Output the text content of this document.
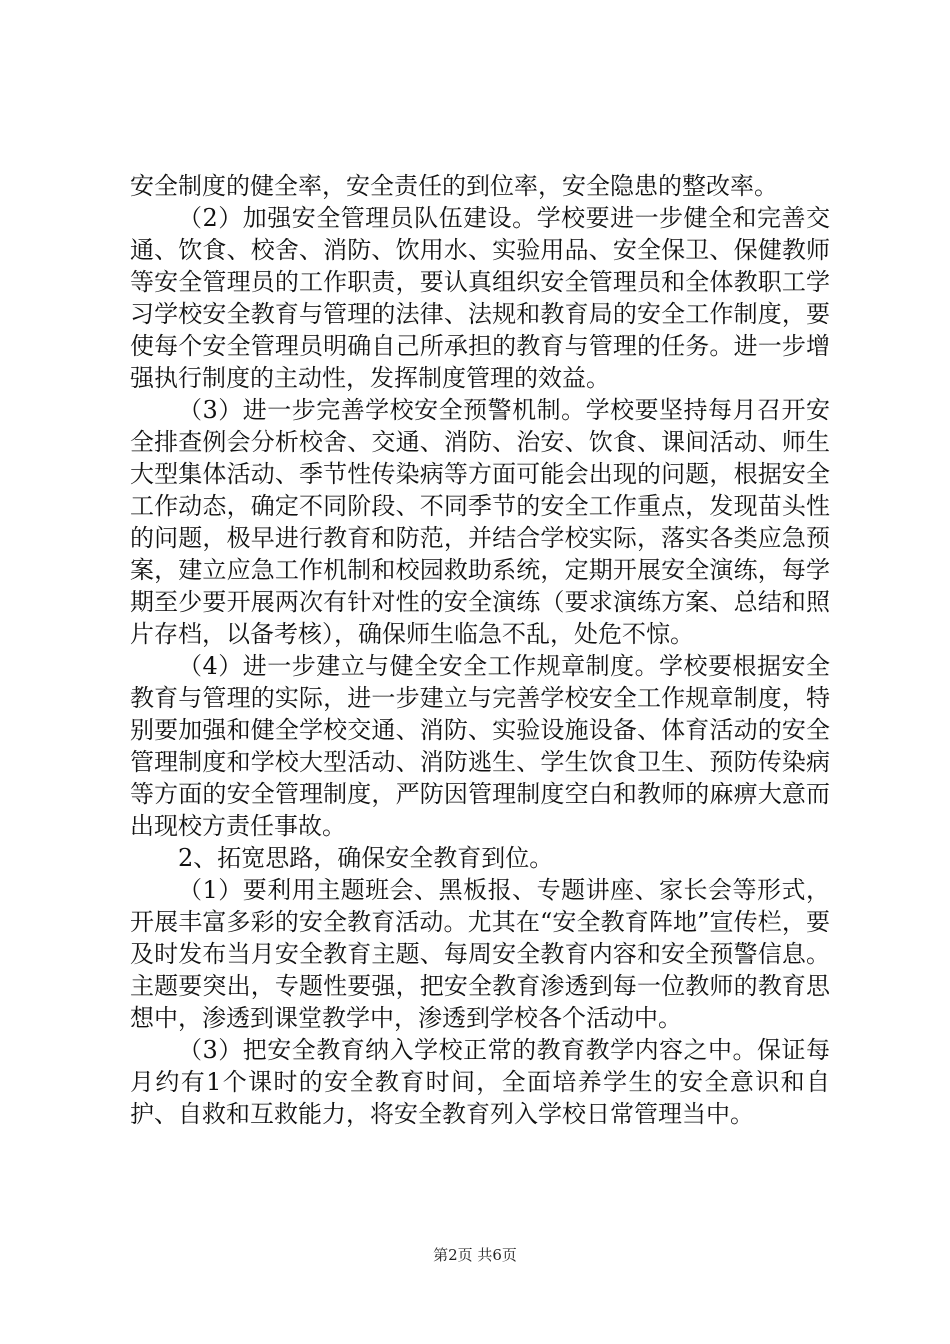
安全制度的健全率，安全责任的到位率，安全隐患的整改率。

（2）加强安全管理员队伍建设。学校要进一步健全和完善交通、饮食、校舍、消防、饮用水、实验用品、安全保卫、保健教师等安全管理员的工作职责，要认真组织安全管理员和全体教职工学习学校安全教育与管理的法律、法规和教育局的安全工作制度，要使每个安全管理员明确自己所承担的教育与管理的任务。进一步增强执行制度的主动性，发挥制度管理的效益。

（3）进一步完善学校安全预警机制。学校要坚持每月召开安全排查例会分析校舍、交通、消防、治安、饮食、课间活动、师生大型集体活动、季节性传染病等方面可能会出现的问题，根据安全工作动态，确定不同阶段、不同季节的安全工作重点，发现苗头性的问题，极早进行教育和防范，并结合学校实际，落实各类应急预案，建立应急工作机制和校园救助系统，定期开展安全演练，每学期至少要开展两次有针对性的安全演练（要求演练方案、总结和照片存档，以备考核），确保师生临急不乱，处危不惊。

（4）进一步建立与健全安全工作规章制度。学校要根据安全教育与管理的实际，进一步建立与完善学校安全工作规章制度，特别要加强和健全学校交通、消防、实验设施设备、体育活动的安全管理制度和学校大型活动、消防逃生、学生饮食卫生、预防传染病等方面的安全管理制度，严防因管理制度空白和教师的麻痹大意而出现校方责任事故。

2、拓宽思路，确保安全教育到位。

（1）要利用主题班会、黑板报、专题讲座、家长会等形式，开展丰富多彩的安全教育活动。尤其在“安全教育阵地”宣传栏，要及时发布当月安全教育主题、每周安全教育内容和安全预警信息。主题要突出，专题性要强，把安全教育渗透到每一位教师的教育思想中，渗透到课堂教学中，渗透到学校各个活动中。

（3）把安全教育纳入学校正常的教育教学内容之中。保证每月约有1个课时的安全教育时间，全面培养学生的安全意识和自护、自救和互救能力，将安全教育列入学校日常管理当中。

第2页 共6页
